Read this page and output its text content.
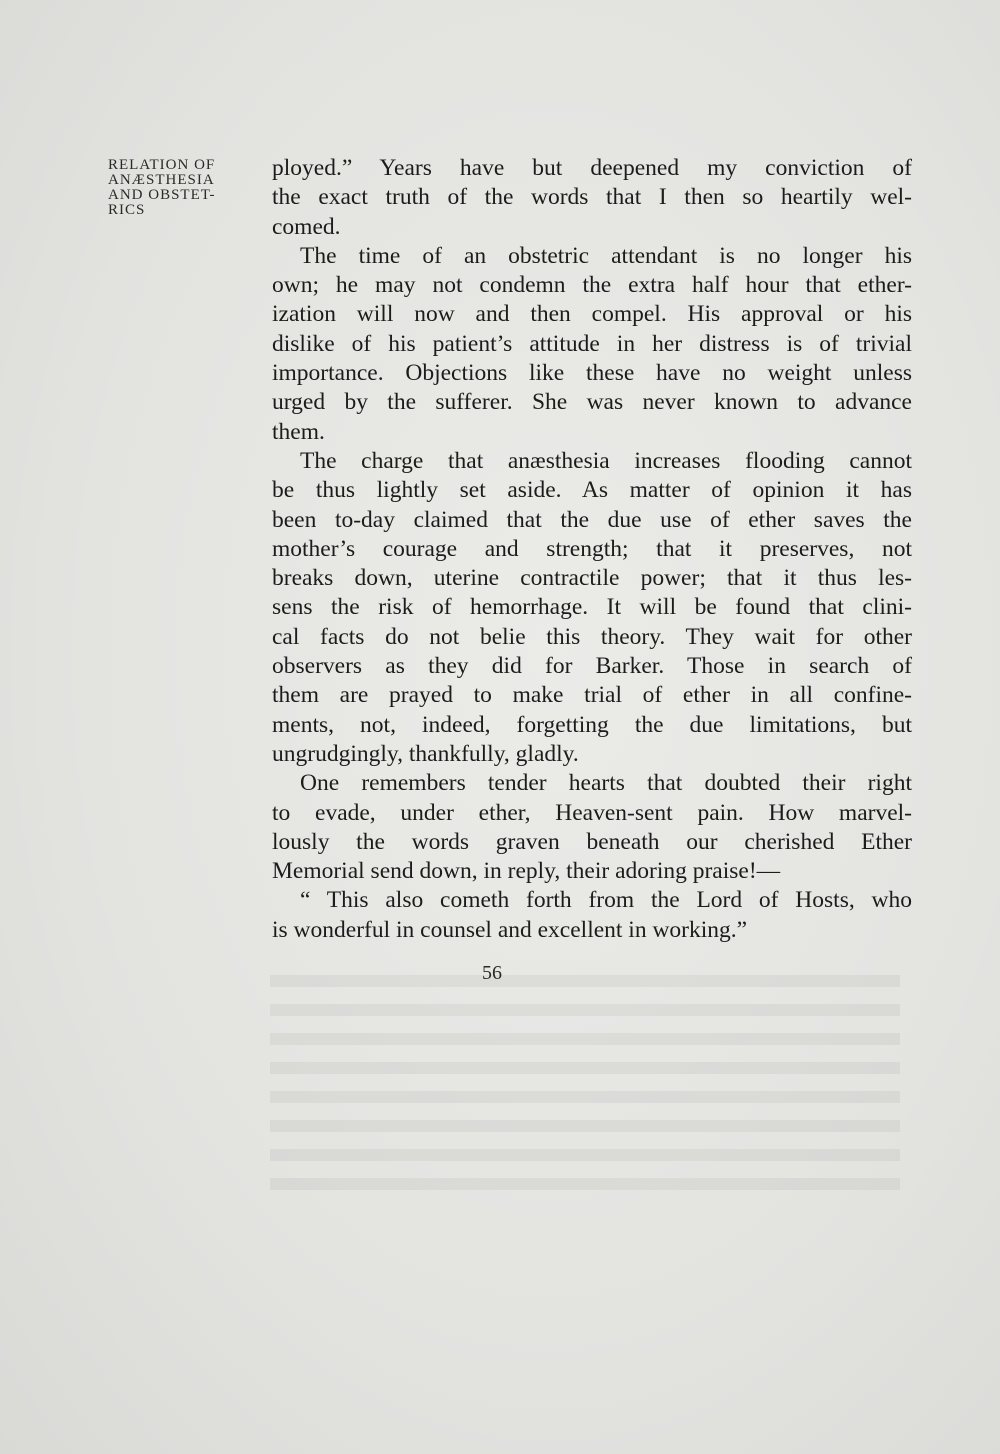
RELATION OF
ANÆSTHESIA
AND OBSTET-
RICS
ployed.” Years have but deepened my conviction of
the exact truth of the words that I then so heartily wel-
comed.
The time of an obstetric attendant is no longer his
own; he may not condemn the extra half hour that ether-
ization will now and then compel. His approval or his
dislike of his patient’s attitude in her distress is of trivial
importance. Objections like these have no weight unless
urged by the sufferer. She was never known to advance
them.
The charge that anæsthesia increases flooding cannot
be thus lightly set aside. As matter of opinion it has
been to-day claimed that the due use of ether saves the
mother’s courage and strength; that it preserves, not
breaks down, uterine contractile power; that it thus les-
sens the risk of hemorrhage. It will be found that clini-
cal facts do not belie this theory. They wait for other
observers as they did for Barker. Those in search of
them are prayed to make trial of ether in all confine-
ments, not, indeed, forgetting the due limitations, but
ungrudgingly, thankfully, gladly.
One remembers tender hearts that doubted their right
to evade, under ether, Heaven-sent pain. How marvel-
lously the words graven beneath our cherished Ether
Memorial send down, in reply, their adoring praise!—
“ This also cometh forth from the Lord of Hosts, who
is wonderful in counsel and excellent in working.”
56
